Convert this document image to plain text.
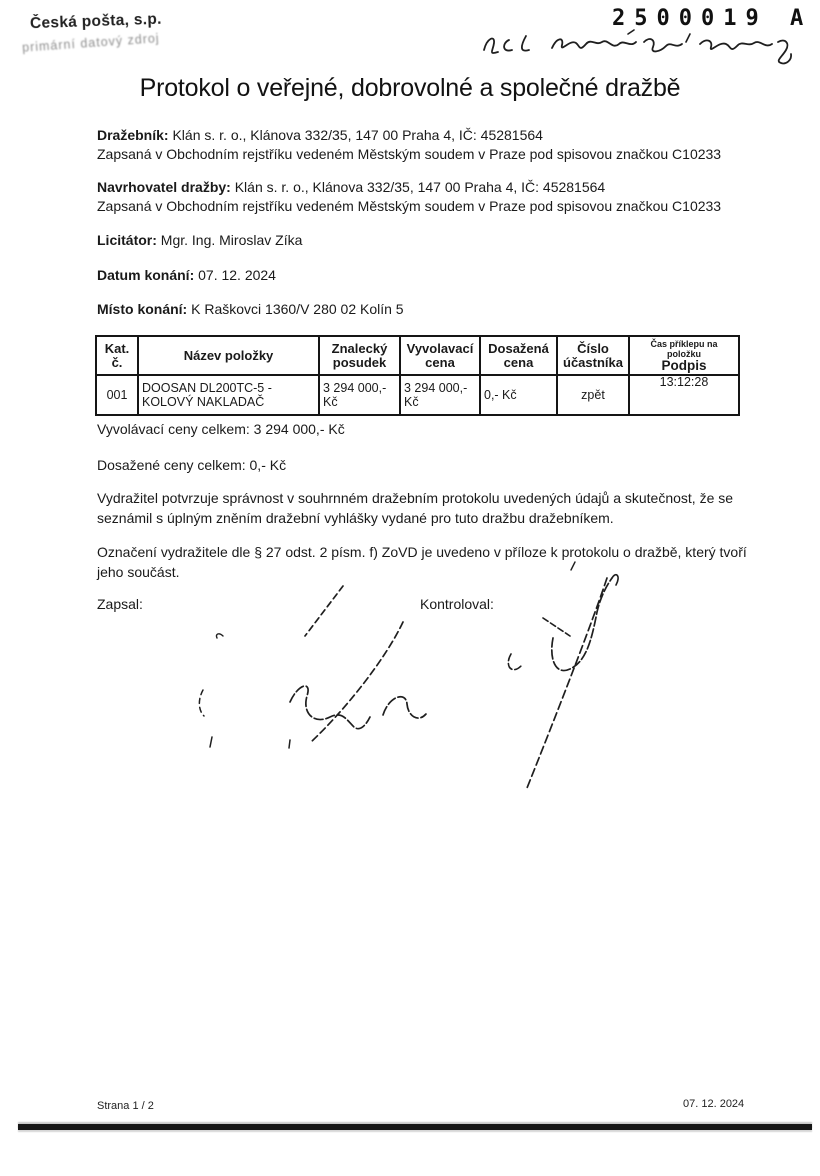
Česká pošta, s.p.
primární datový zdroj
2500019 A
Protokol o veřejné, dobrovolné a společné dražbě
Dražebník: Klán s. r. o., Klánova 332/35, 147 00 Praha 4, IČ: 45281564
Zapsaná v Obchodním rejstříku vedeném Městským soudem v Praze pod spisovou značkou C10233
Navrhovatel dražby: Klán s. r. o., Klánova 332/35, 147 00 Praha 4, IČ: 45281564
Zapsaná v Obchodním rejstříku vedeném Městským soudem v Praze pod spisovou značkou C10233
Licitátor: Mgr. Ing. Miroslav Zíka
Datum konání: 07. 12. 2024
Místo konání: K Raškovci 1360/V 280 02 Kolín 5
Kat. č.	Název položky	Znalecký posudek	Vyvolavací cena	Dosažená cena	Číslo účastníka	Čas příklepu na položku
Podpis

001	DOOSAN DL200TC-5 - KOLOVÝ NAKLADAČ	3 294 000,- Kč	3 294 000,- Kč	0,- Kč	zpět	13:12:28
Vyvolávací ceny celkem: 3 294 000,- Kč
Dosažené ceny celkem: 0,- Kč
Vydražitel potvrzuje správnost v souhrnném dražebním protokolu uvedených údajů a skutečnost, že se seznámil s úplným zněním dražební vyhlášky vydané pro tuto dražbu dražebníkem.
Označení vydražitele dle § 27 odst. 2 písm. f) ZoVD je uvedeno v příloze k protokolu o dražbě, který tvoří jeho součást.
Zapsal:	Kontroloval:
Strana 1 / 2	07. 12. 2024
